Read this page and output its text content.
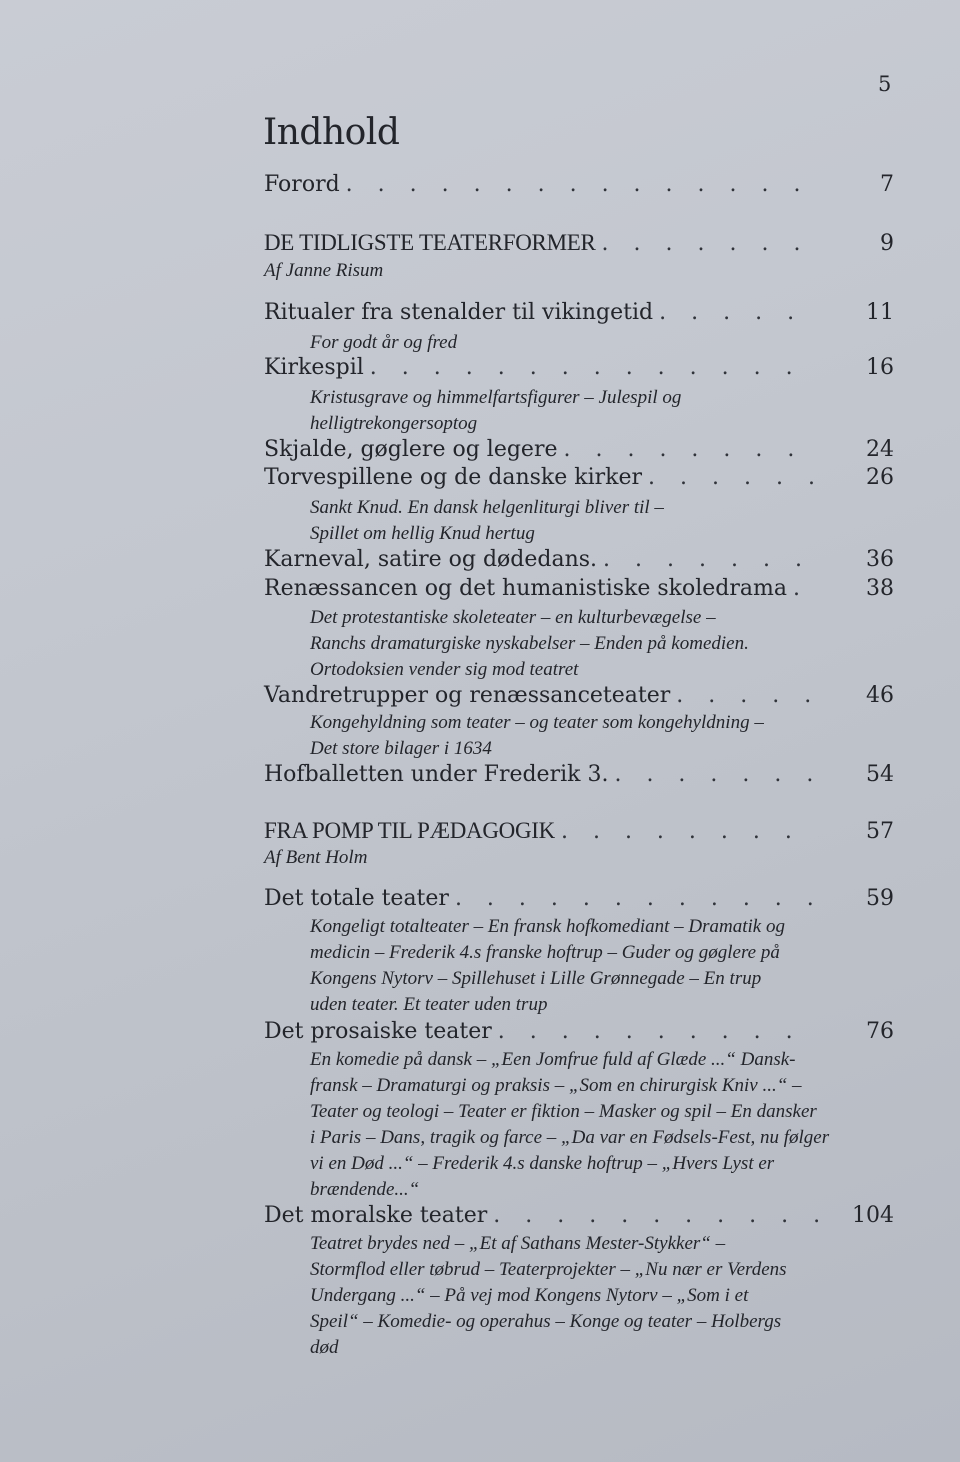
5
Indhold
Forord . . .	7
DE TIDLIGSTE TEATERFORMER . . .	9
Af Janne Risum
Ritualer fra stenalder til vikingetid . . .	11
For godt år og fred
Kirkespil . . .	16
Kristusgrave og himmelfartsfigurer – Julespil og
helligtrekongersoptog
Skjalde, gøglere og legere . . .	24
Torvespillene og de danske kirker . . .	26
Sankt Knud. En dansk helgenliturgi bliver til –
Spillet om hellig Knud hertug
Karneval, satire og dødedans. . . .	36
Renæssancen og det humanistiske skoledrama . . .	38
Det protestantiske skoleteater – en kulturbevægelse –
Ranchs dramaturgiske nyskabelser – Enden på komedien.
Ortodoksien vender sig mod teatret
Vandretrupper og renæssanceteater . . .	46
Kongehyldning som teater – og teater som kongehyldning –
Det store bilager i 1634
Hofballetten under Frederik 3. . . .	54
FRA POMP TIL PÆDAGOGIK . . .	57
Af Bent Holm
Det totale teater . . .	59
Kongeligt totalteater – En fransk hofkomediant – Dramatik og
medicin – Frederik 4.s franske hoftrup – Guder og gøglere på
Kongens Nytorv – Spillehuset i Lille Grønnegade – En trup
uden teater. Et teater uden trup
Det prosaiske teater . . .	76
En komedie på dansk – „Een Jomfrue fuld af Glæde ...“ Dansk-
fransk – Dramaturgi og praksis – „Som en chirurgisk Kniv ...“ –
Teater og teologi – Teater er fiktion – Masker og spil – En dansker
i Paris – Dans, tragik og farce – „Da var en Fødsels-Fest, nu følger
vi en Død ...“ – Frederik 4.s danske hoftrup – „Hvers Lyst er
brændende...“
Det moralske teater . . .	104
Teatret brydes ned – „Et af Sathans Mester-Stykker“ –
Stormflod eller tøbrud – Teaterprojekter – „Nu nær er Verdens
Undergang ...“ – På vej mod Kongens Nytorv – „Som i et
Speil“ – Komedie- og operahus – Konge og teater – Holbergs
død
